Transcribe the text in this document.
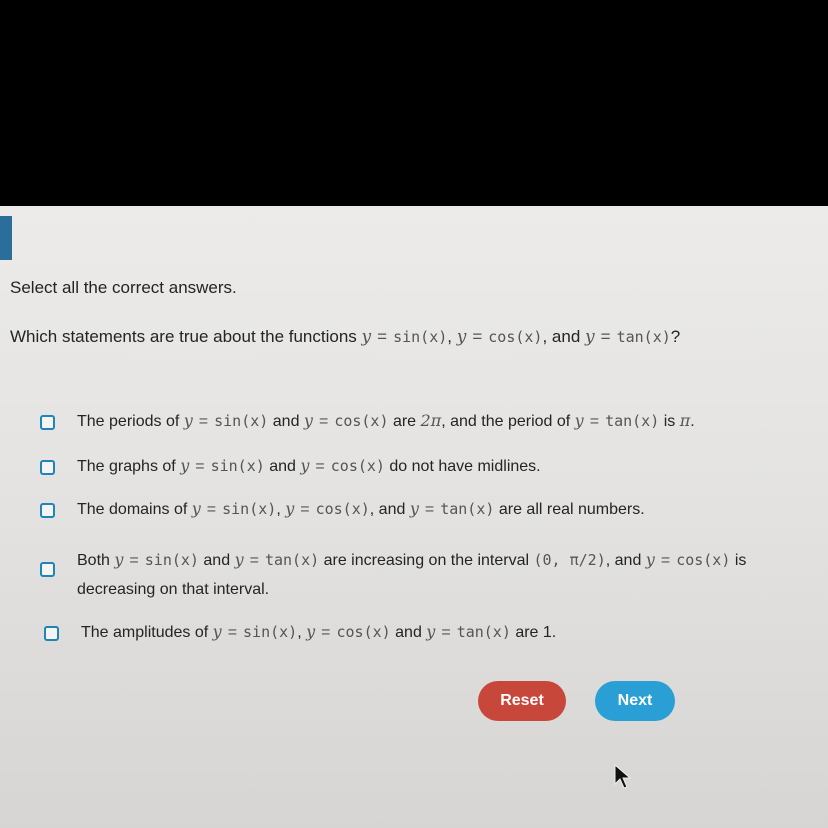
Select all the correct answers.
Which statements are true about the functions y = sin(x), y = cos(x), and y = tan(x)?
The periods of y = sin(x) and y = cos(x) are 2π, and the period of y = tan(x) is π.
The graphs of y = sin(x) and y = cos(x) do not have midlines.
The domains of y = sin(x), y = cos(x), and y = tan(x) are all real numbers.
Both y = sin(x) and y = tan(x) are increasing on the interval (0, π/2), and y = cos(x) is
decreasing on that interval.
The amplitudes of y = sin(x), y = cos(x) and y = tan(x) are 1.
Reset	Next
